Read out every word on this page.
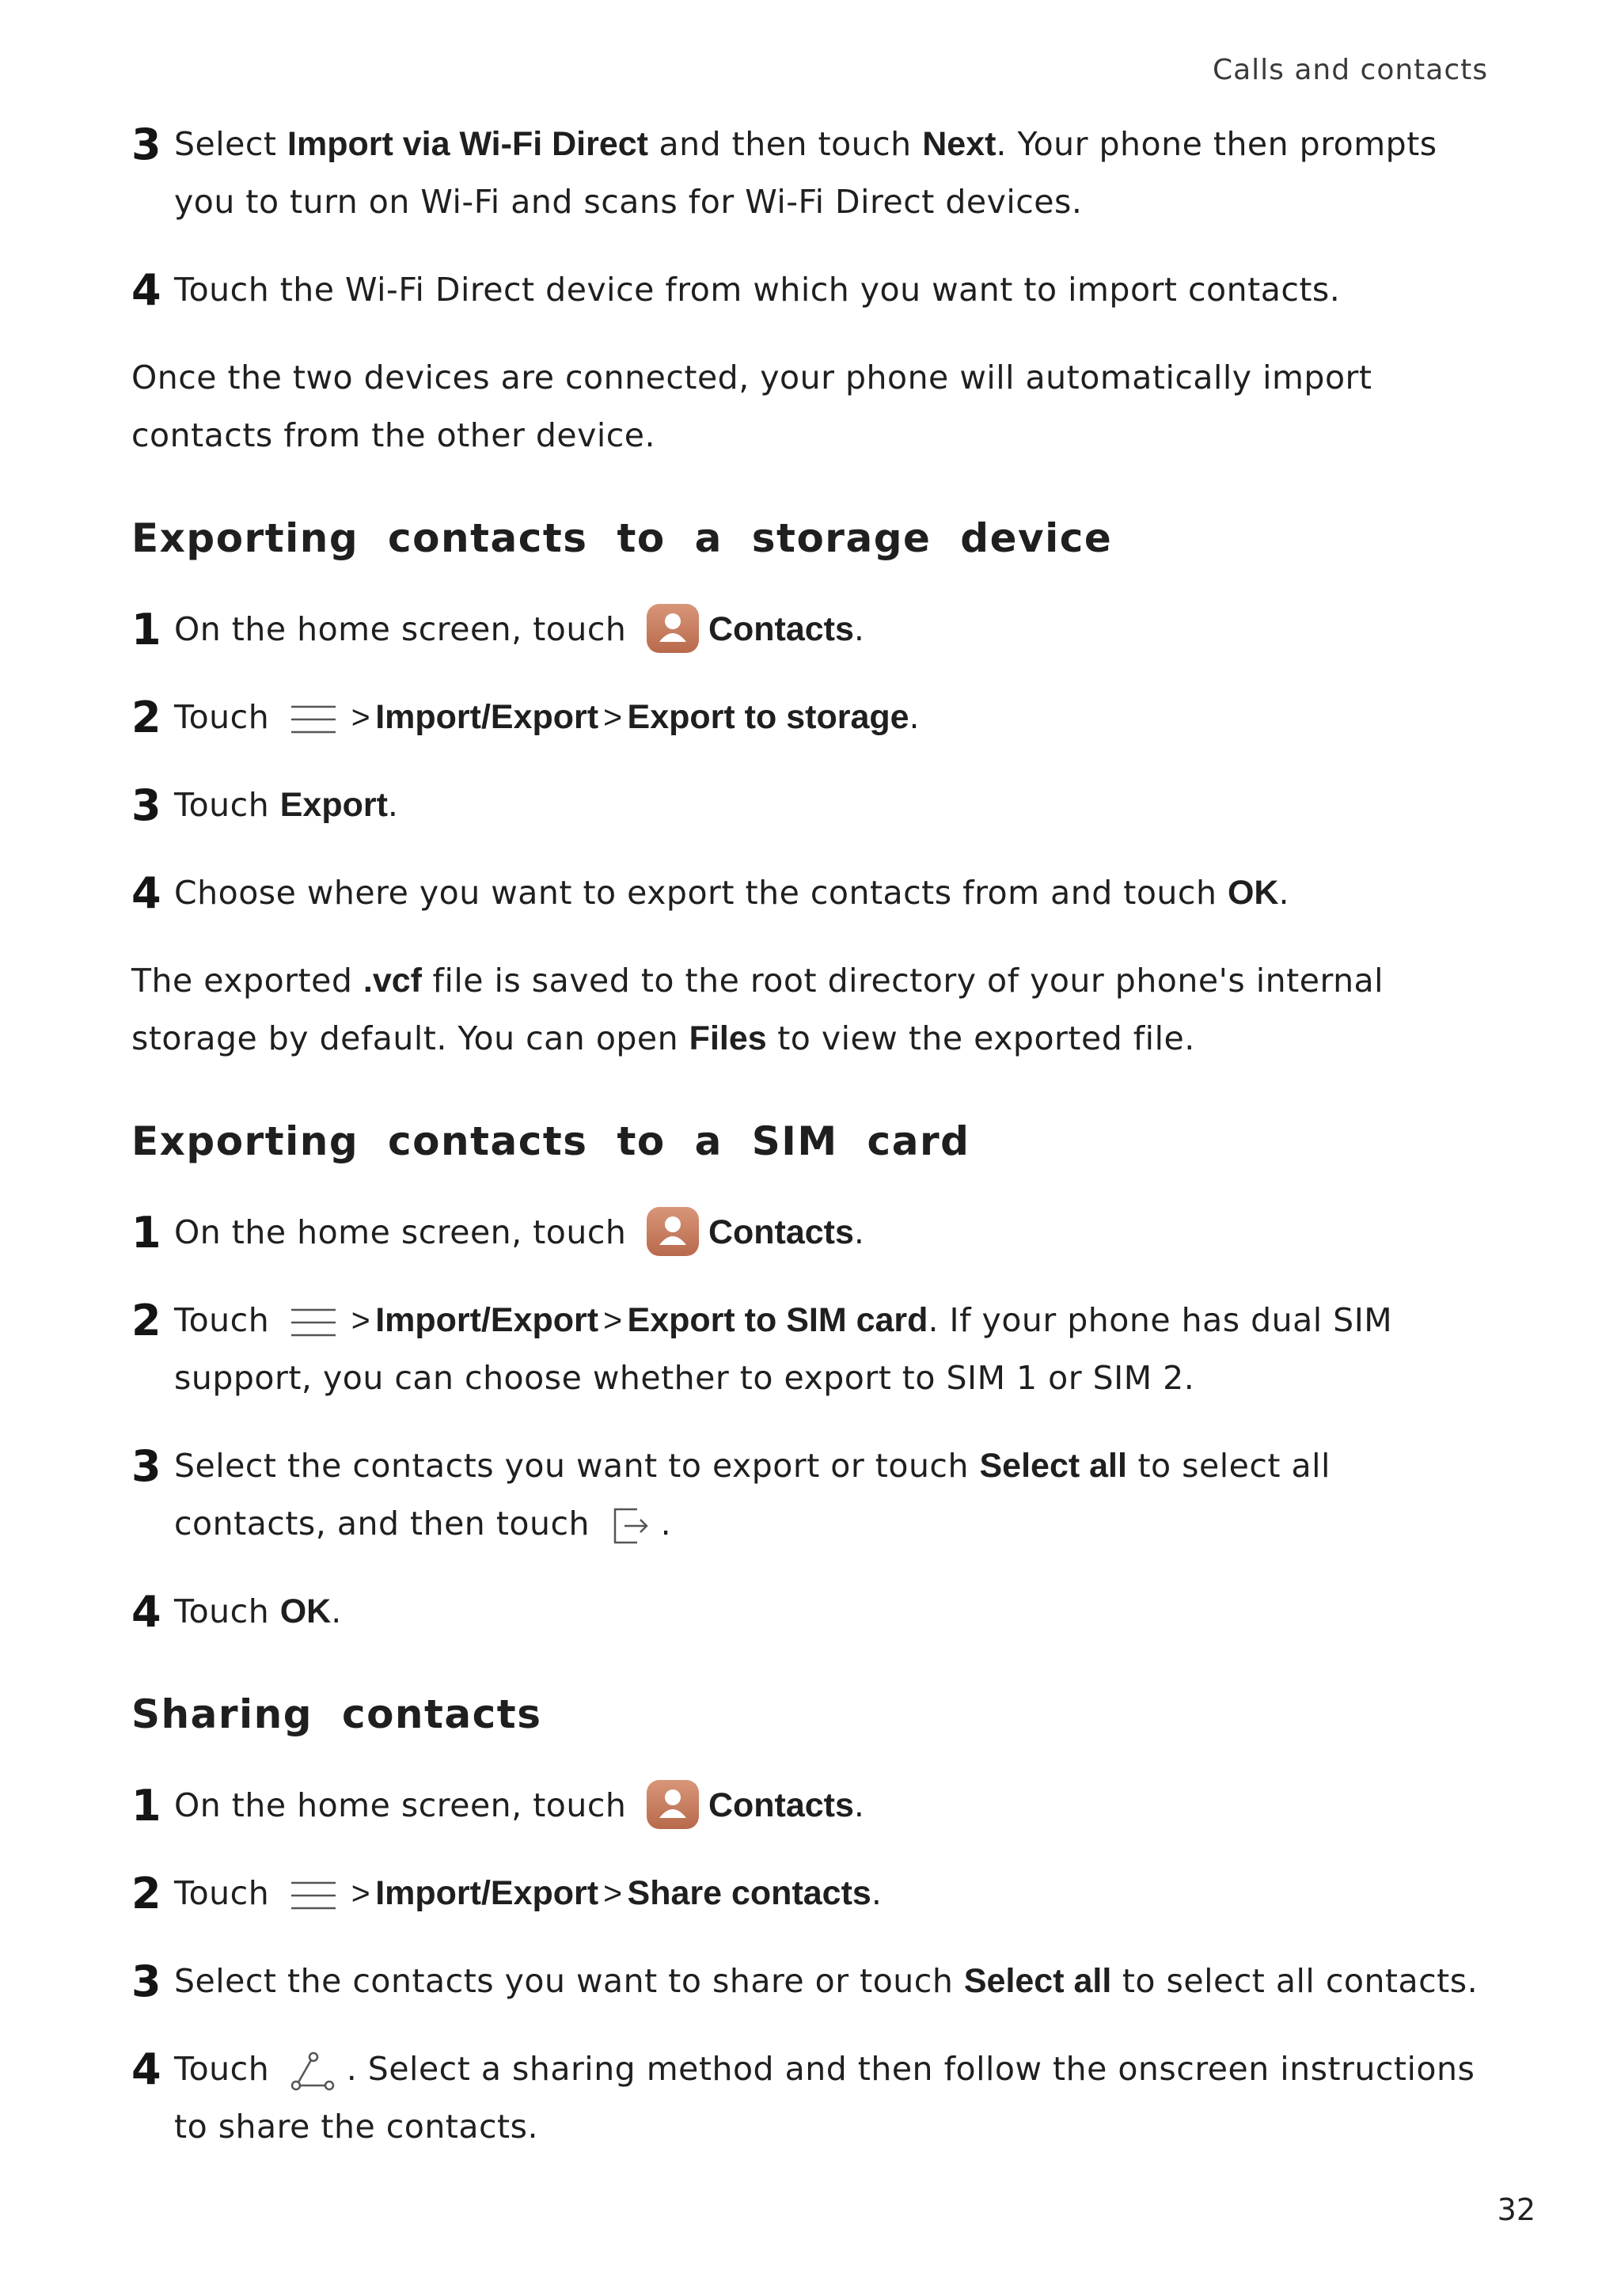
Calls and contacts
3 Select Import via Wi-Fi Direct and then touch Next. Your phone then prompts you to turn on Wi-Fi and scans for Wi-Fi Direct devices.
4 Touch the Wi-Fi Direct device from which you want to import contacts.
Once the two devices are connected, your phone will automatically import contacts from the other device.
Exporting contacts to a storage device
1 On the home screen, touch Contacts.
2 Touch	> Import/Export > Export to storage.
3 Touch Export.
4 Choose where you want to export the contacts from and touch OK.
The exported .vcf file is saved to the root directory of your phone's internal storage by default. You can open Files to view the exported file.
Exporting contacts to a SIM card
1 On the home screen, touch Contacts.
2 Touch	> Import/Export > Export to SIM card. If your phone has dual SIM support, you can choose whether to export to SIM 1 or SIM 2.
3 Select the contacts you want to export or touch Select all to select all contacts, and then touch .
4 Touch OK.
Sharing contacts
1 On the home screen, touch Contacts.
2 Touch	> Import/Export > Share contacts.
3 Select the contacts you want to share or touch Select all to select all contacts.
4 Touch . Select a sharing method and then follow the onscreen instructions to share the contacts.
32
